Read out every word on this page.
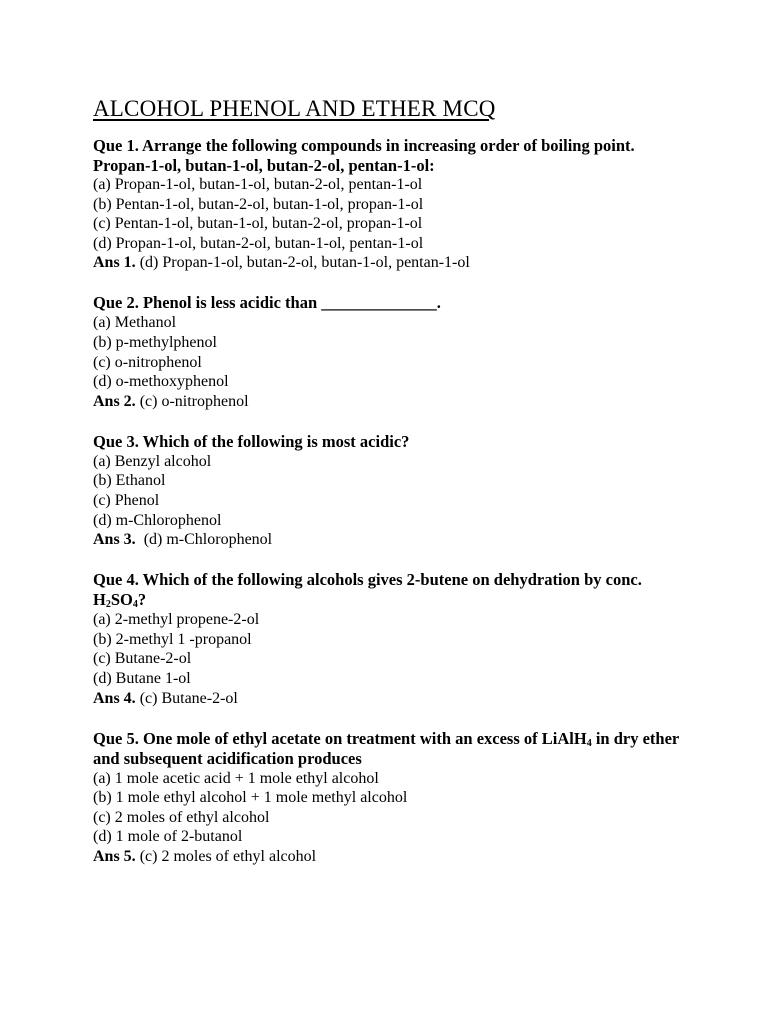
ALCOHOL PHENOL AND ETHER MCQ

Que 1. Arrange the following compounds in increasing order of boiling point.

Propan-1-ol, butan-1-ol, butan-2-ol, pentan-1-ol:

(a) Propan-1-ol, butan-1-ol, butan-2-ol, pentan-1-ol
(b) Pentan-1-ol, butan-2-ol, butan-1-ol, propan-1-ol
(c) Pentan-1-ol, butan-1-ol, butan-2-ol, propan-1-ol
(d) Propan-1-ol, butan-2-ol, butan-1-ol, pentan-1-ol
Ans 1. (d) Propan-1-ol, butan-2-ol, butan-1-ol, pentan-1-ol

Que 2. Phenol is less acidic than ______________.

(a) Methanol
(b) p-methylphenol
(c) o-nitrophenol
(d) o-methoxyphenol
Ans 2. (c) o-nitrophenol

Que 3. Which of the following is most acidic?

(a) Benzyl alcohol
(b) Ethanol
(c) Phenol
(d) m-Chlorophenol
Ans 3.  (d) m-Chlorophenol

Que 4. Which of the following alcohols gives 2-butene on dehydration by conc. $H_2SO_4$?

(a) 2-methyl propene-2-ol
(b) 2-methyl 1 -propanol
(c) Butane-2-ol
(d) Butane 1-ol
Ans 4. (c) Butane-2-ol

Que 5. One mole of ethyl acetate on treatment with an excess of LiAlH$_4$ in dry ether and subsequent acidification produces

(a) 1 mole acetic acid + 1 mole ethyl alcohol
(b) 1 mole ethyl alcohol + 1 mole methyl alcohol
(c) 2 moles of ethyl alcohol
(d) 1 mole of 2-butanol
Ans 5. (c) 2 moles of ethyl alcohol
